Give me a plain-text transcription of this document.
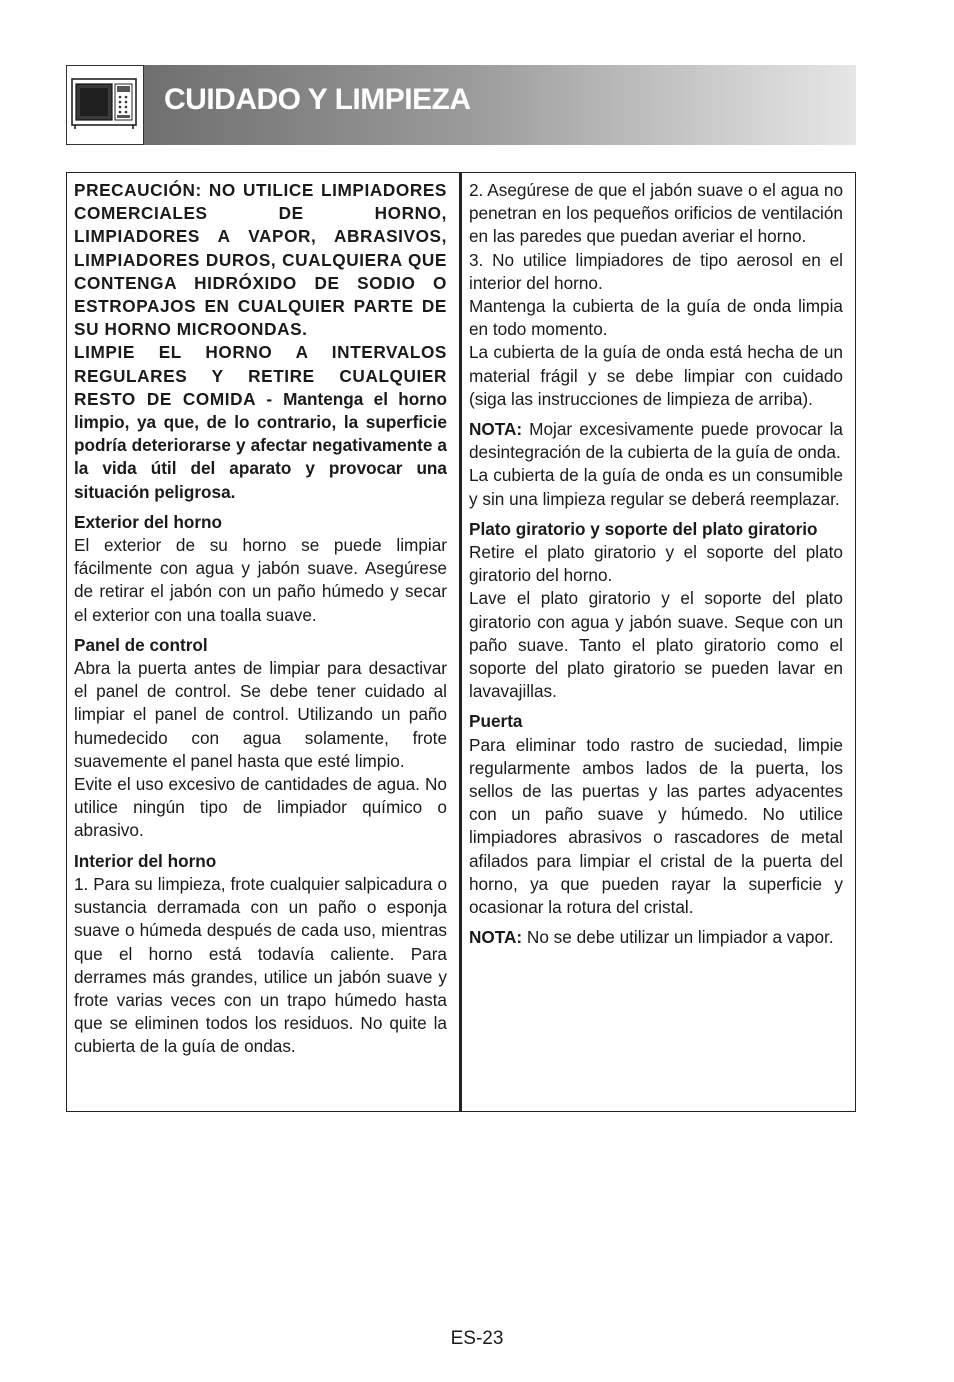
CUIDADO Y LIMPIEZA

PRECAUCIÓN: NO UTILICE LIMPIADORES COMERCIALES DE HORNO, LIMPIADORES A VAPOR, ABRASIVOS, LIMPIADORES DUROS, CUALQUIERA QUE CONTENGA HIDRÓXIDO DE SODIO O ESTROPAJOS EN CUALQUIER PARTE DE SU HORNO MICROONDAS.

LIMPIE EL HORNO A INTERVALOS REGULARES Y RETIRE CUALQUIER RESTO DE COMIDA - Mantenga el horno limpio, ya que, de lo contrario, la superficie podría deteriorarse y afectar negativamente a la vida útil del aparato y provocar una situación peligrosa.

Exterior del horno

El exterior de su horno se puede limpiar fácilmente con agua y jabón suave. Asegúrese de retirar el jabón con un paño húmedo y secar el exterior con una toalla suave.

Panel de control

Abra la puerta antes de limpiar para desactivar el panel de control. Se debe tener cuidado al limpiar el panel de control. Utilizando un paño humedecido con agua solamente, frote suavemente el panel hasta que esté limpio.

Evite el uso excesivo de cantidades de agua. No utilice ningún tipo de limpiador químico o abrasivo.

Interior del horno

1. Para su limpieza, frote cualquier salpicadura o sustancia derramada con un paño o esponja suave o húmeda después de cada uso, mientras que el horno está todavía caliente. Para derrames más grandes, utilice un jabón suave y frote varias veces con un trapo húmedo hasta que se eliminen todos los residuos. No quite la cubierta de la guía de ondas.

2. Asegúrese de que el jabón suave o el agua no penetran en los pequeños orificios de ventilación en las paredes que puedan averiar el horno.

3. No utilice limpiadores de tipo aerosol en el interior del horno.

Mantenga la cubierta de la guía de onda limpia en todo momento.

La cubierta de la guía de onda está hecha de un material frágil y se debe limpiar con cuidado (siga las instrucciones de limpieza de arriba).

NOTA: Mojar excesivamente puede provocar la desintegración de la cubierta de la guía de onda.

La cubierta de la guía de onda es un consumible y sin una limpieza regular se deberá reemplazar.

Plato giratorio y soporte del plato giratorio

Retire el plato giratorio y el soporte del plato giratorio del horno.

Lave el plato giratorio y el soporte del plato giratorio con agua y jabón suave. Seque con un paño suave. Tanto el plato giratorio como el soporte del plato giratorio se pueden lavar en lavavajillas.

Puerta

Para eliminar todo rastro de suciedad, limpie regularmente ambos lados de la puerta, los sellos de las puertas y las partes adyacentes con un paño suave y húmedo. No utilice limpiadores abrasivos o rascadores de metal afilados para limpiar el cristal de la puerta del horno, ya que pueden rayar la superficie y ocasionar la rotura del cristal.

NOTA: No se debe utilizar un limpiador a vapor.

ES-23
